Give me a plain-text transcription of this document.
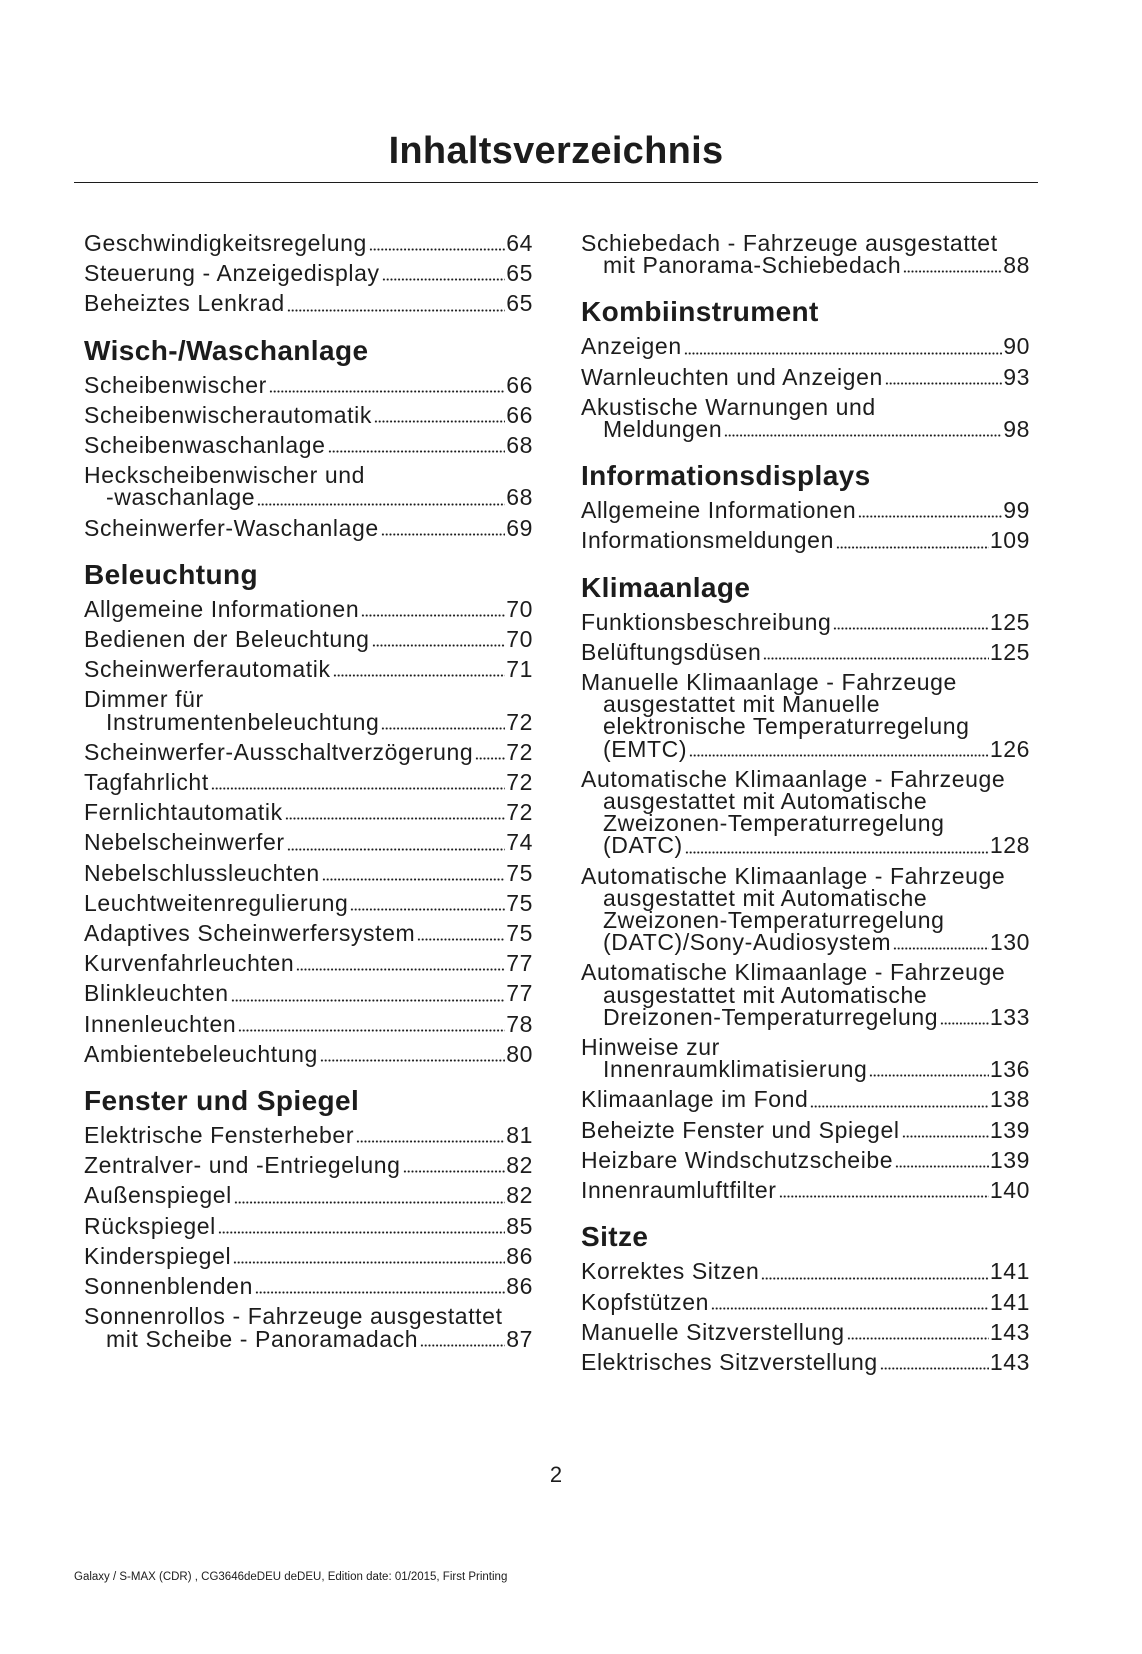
Inhaltsverzeichnis
Geschwindigkeitsregelung	64
Steuerung - Anzeigedisplay	65
Beheiztes Lenkrad	65
Wisch-/Waschanlage
Scheibenwischer	66
Scheibenwischerautomatik	66
Scheibenwaschanlage	68
Heckscheibenwischer und
-waschanlage	68
Scheinwerfer-Waschanlage	69
Beleuchtung
Allgemeine Informationen	70
Bedienen der Beleuchtung	70
Scheinwerferautomatik	71
Dimmer für
Instrumentenbeleuchtung	72
Scheinwerfer-Ausschaltverzögerung 72
Tagfahrlicht	72
Fernlichtautomatik	72
Nebelscheinwerfer	74
Nebelschlussleuchten	75
Leuchtweitenregulierung	75
Adaptives Scheinwerfersystem	75
Kurvenfahrleuchten	77
Blinkleuchten	77
Innenleuchten	78
Ambientebeleuchtung	80
Fenster und Spiegel
Elektrische Fensterheber	81
Zentralver- und -Entriegelung	82
Außenspiegel	82
Rückspiegel	85
Kinderspiegel	86
Sonnenblenden	86
Sonnenrollos - Fahrzeuge ausgestattet
mit Scheibe - Panoramadach	87
Schiebedach - Fahrzeuge ausgestattet
mit Panorama-Schiebedach	88
Kombiinstrument
Anzeigen	90
Warnleuchten und Anzeigen	93
Akustische Warnungen und
Meldungen	98
Informationsdisplays
Allgemeine Informationen	99
Informationsmeldungen	109
Klimaanlage
Funktionsbeschreibung	125
Belüftungsdüsen	125
Manuelle Klimaanlage - Fahrzeuge
ausgestattet mit Manuelle
elektronische Temperaturregelung
(EMTC)	126
Automatische Klimaanlage - Fahrzeuge
ausgestattet mit Automatische
Zweizonen-Temperaturregelung
(DATC)	128
Automatische Klimaanlage - Fahrzeuge
ausgestattet mit Automatische
Zweizonen-Temperaturregelung
(DATC)/Sony-Audiosystem	130
Automatische Klimaanlage - Fahrzeuge
ausgestattet mit Automatische
Dreizonen-Temperaturregelung 133
Hinweise zur
Innenraumklimatisierung	136
Klimaanlage im Fond	138
Beheizte Fenster und Spiegel	139
Heizbare Windschutzscheibe	139
Innenraumluftfilter	140
Sitze
Korrektes Sitzen	141
Kopfstützen	141
Manuelle Sitzverstellung	143
Elektrisches Sitzverstellung	143
2
Galaxy / S-MAX (CDR) , CG3646deDEU deDEU, Edition date: 01/2015, First Printing
